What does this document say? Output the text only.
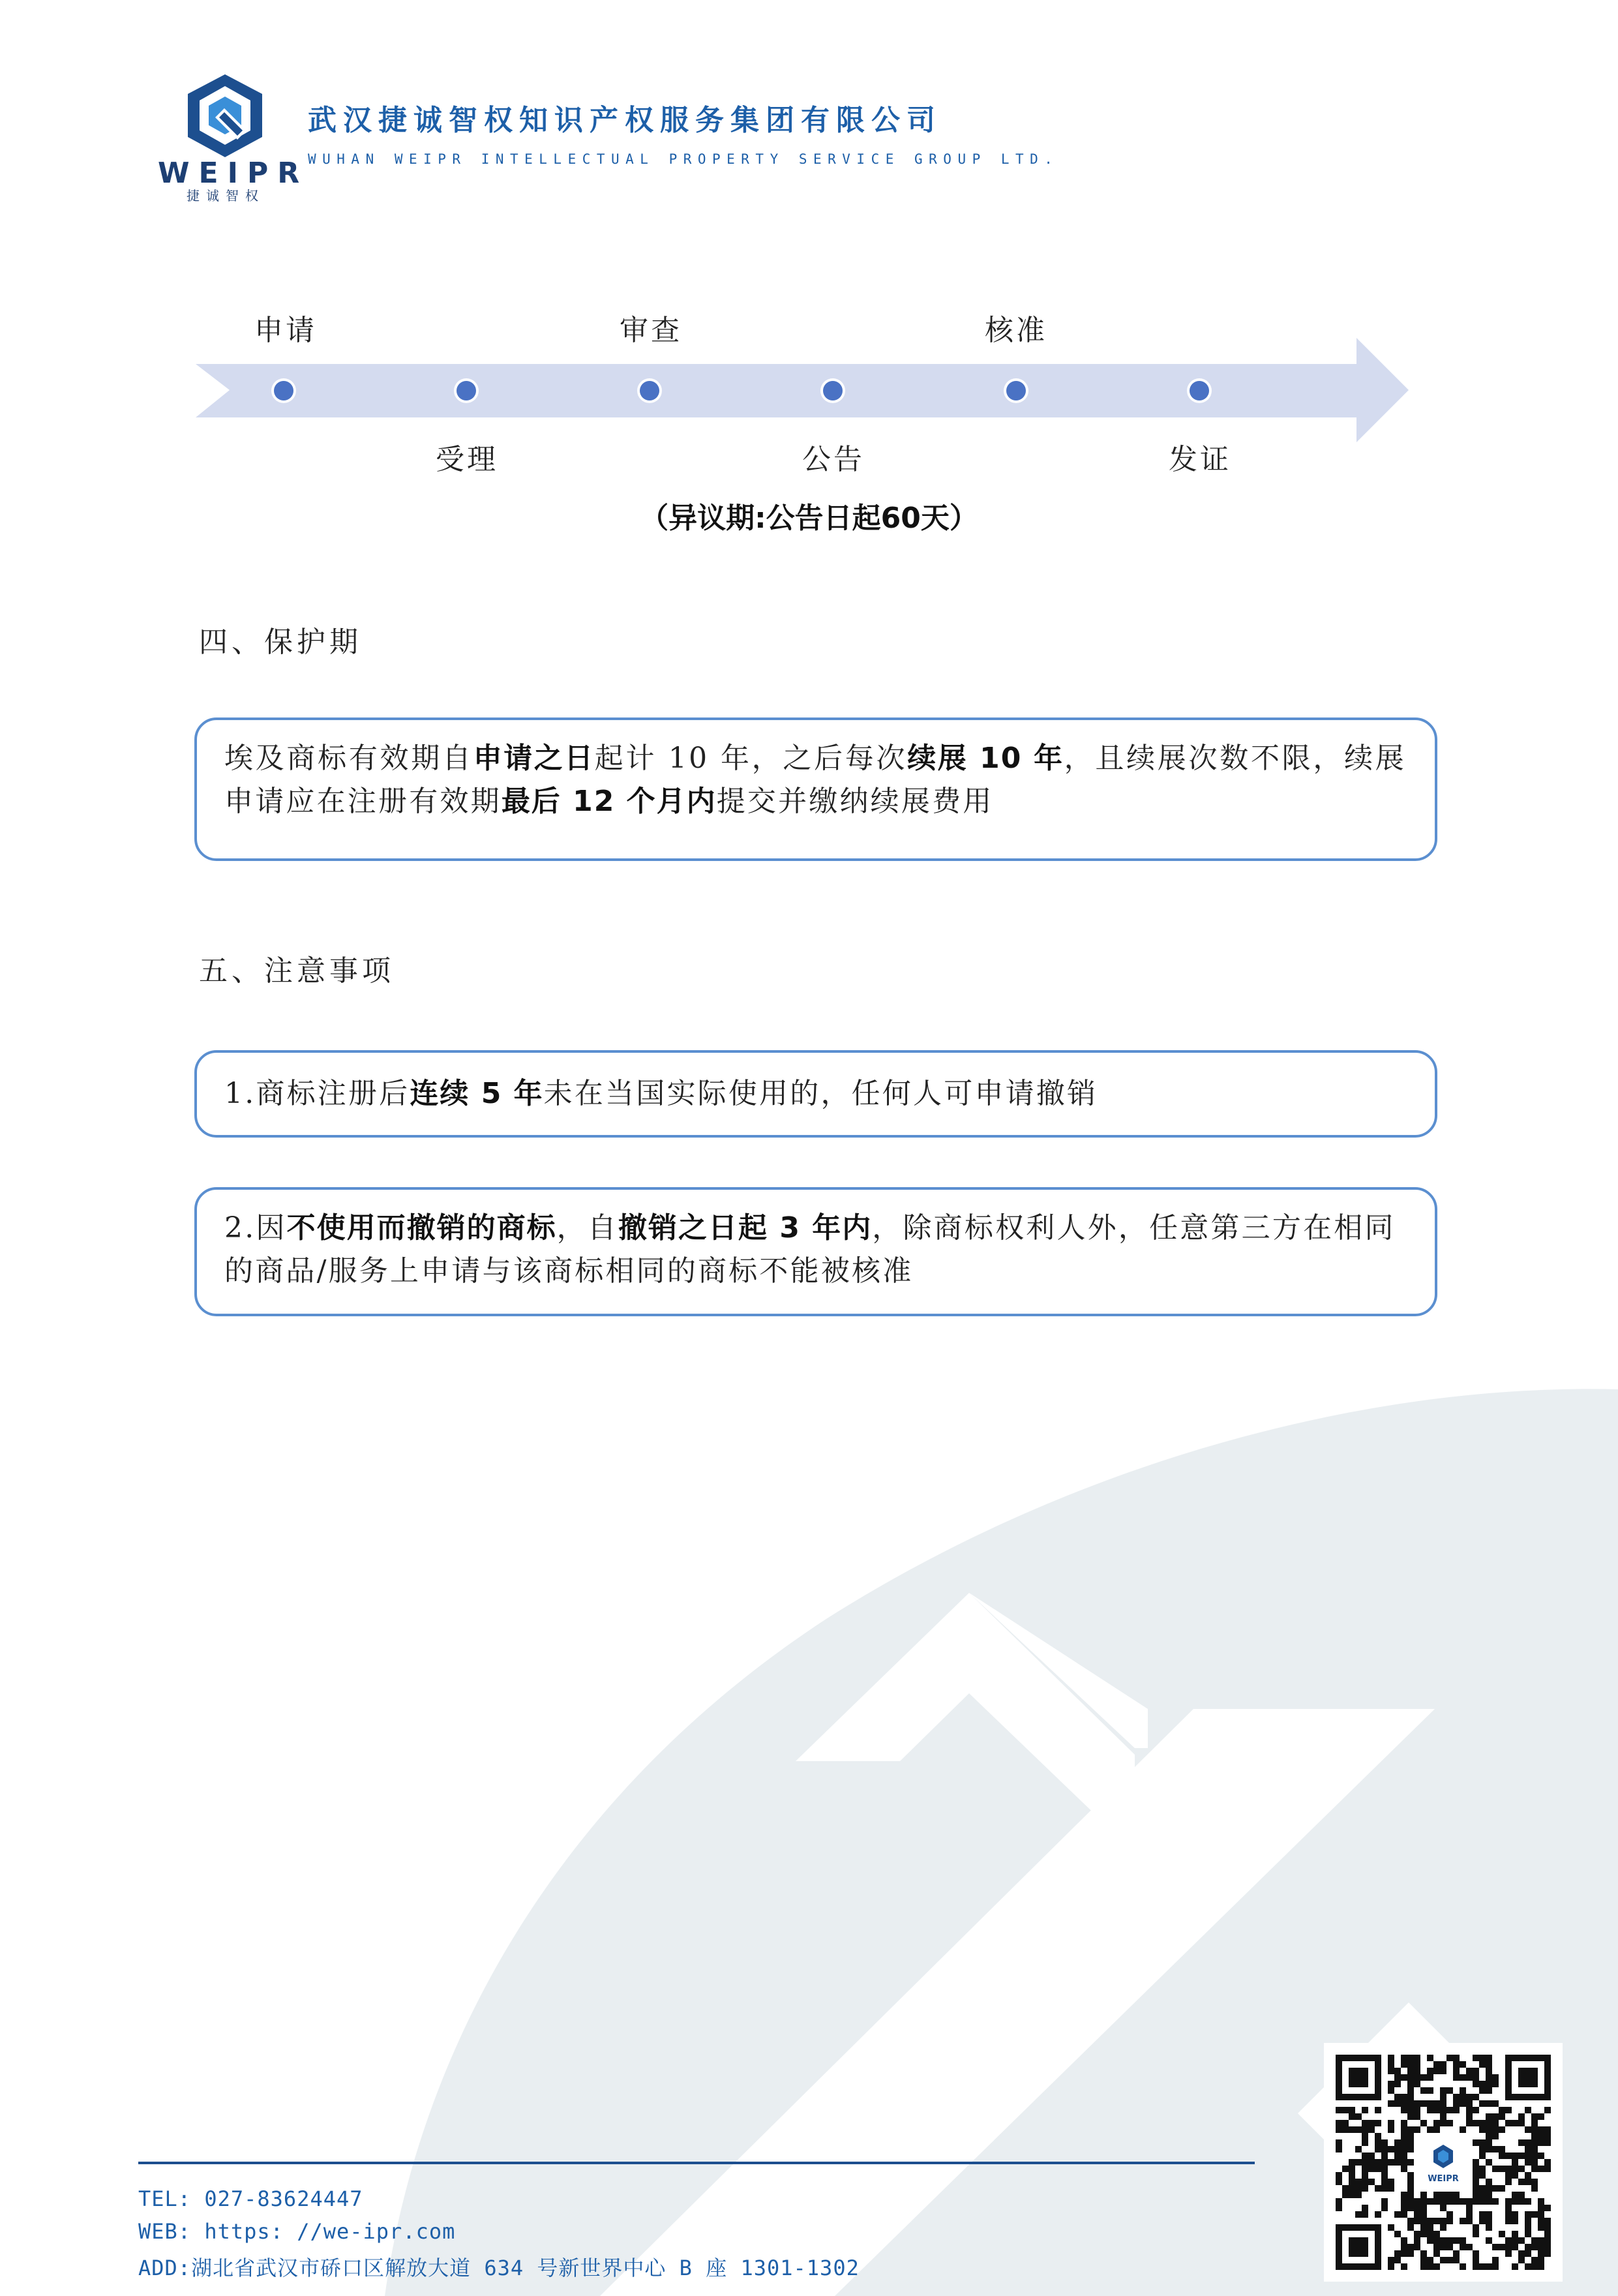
WEIPR
捷诚智权
武汉捷诚智权知识产权服务集团有限公司
WUHAN WEIPR INTELLECTUAL PROPERTY SERVICE GROUP LTD.
申请	审查	核准
受理	公告	发证
（异议期:公告日起60天）
四、保护期
埃及商标有效期自申请之日起计 10 年，之后每次续展 10 年，且续展次数不限，续展申请应在注册有效期最后 12 个月内提交并缴纳续展费用
五、注意事项
1.商标注册后连续 5 年未在当国实际使用的，任何人可申请撤销
2.因不使用而撤销的商标，自撤销之日起 3 年内，除商标权利人外，任意第三方在相同的商品/服务上申请与该商标相同的商标不能被核准
TEL: 027-83624447
WEB: https: //we-ipr.com
ADD:湖北省武汉市硚口区解放大道 634 号新世界中心 B 座 1301-1302
WEIPR
